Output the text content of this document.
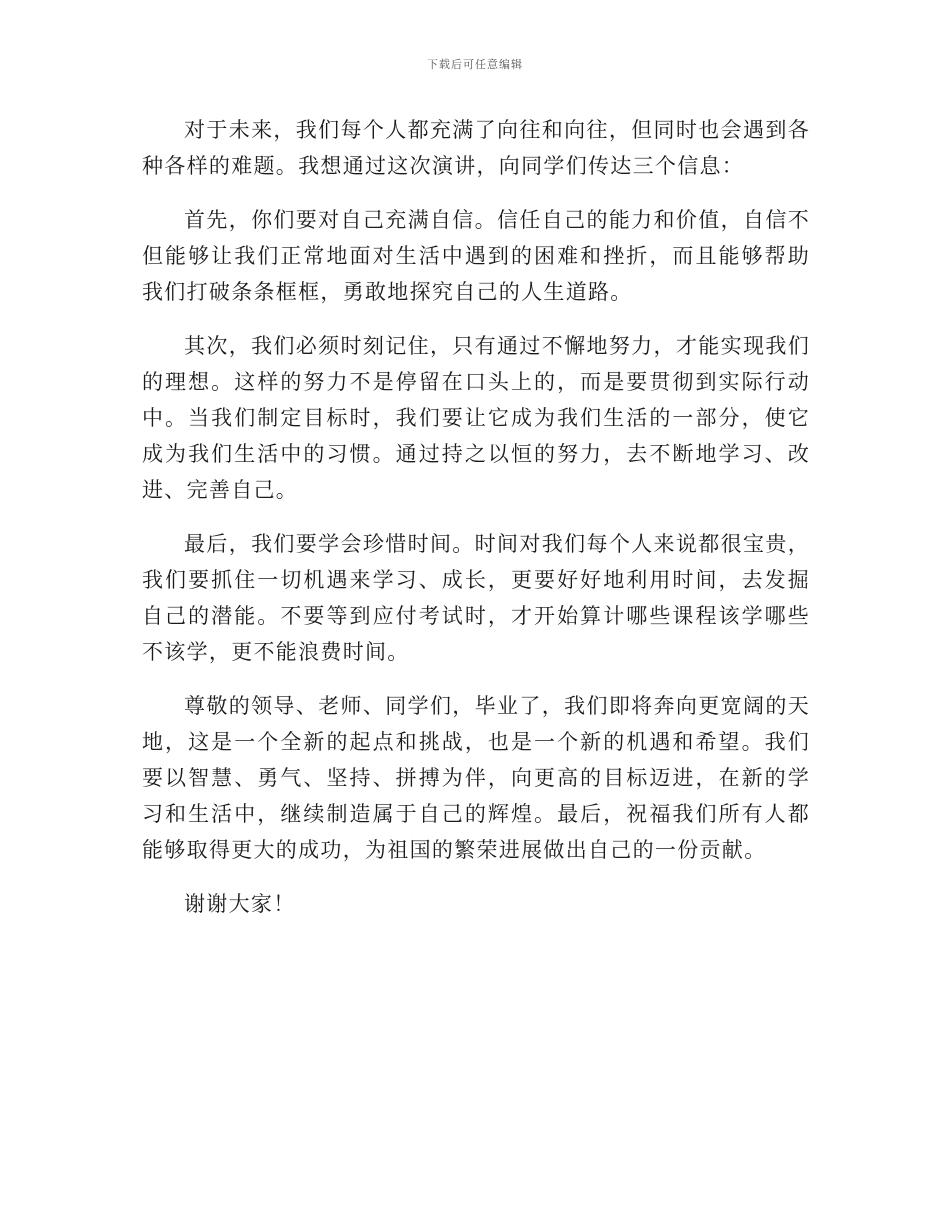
下载后可任意编辑

对于未来，我们每个人都充满了向往和向往，但同时也会遇到各种各样的难题。我想通过这次演讲，向同学们传达三个信息：

首先，你们要对自己充满自信。信任自己的能力和价值，自信不但能够让我们正常地面对生活中遇到的困难和挫折，而且能够帮助我们打破条条框框，勇敢地探究自己的人生道路。

其次，我们必须时刻记住，只有通过不懈地努力，才能实现我们的理想。这样的努力不是停留在口头上的，而是要贯彻到实际行动中。当我们制定目标时，我们要让它成为我们生活的一部分，使它成为我们生活中的习惯。通过持之以恒的努力，去不断地学习、改进、完善自己。

最后，我们要学会珍惜时间。时间对我们每个人来说都很宝贵，我们要抓住一切机遇来学习、成长，更要好好地利用时间，去发掘自己的潜能。不要等到应付考试时，才开始算计哪些课程该学哪些不该学，更不能浪费时间。

尊敬的领导、老师、同学们，毕业了，我们即将奔向更宽阔的天地，这是一个全新的起点和挑战，也是一个新的机遇和希望。我们要以智慧、勇气、坚持、拼搏为伴，向更高的目标迈进，在新的学习和生活中，继续制造属于自己的辉煌。最后，祝福我们所有人都能够取得更大的成功，为祖国的繁荣进展做出自己的一份贡献。

谢谢大家！
